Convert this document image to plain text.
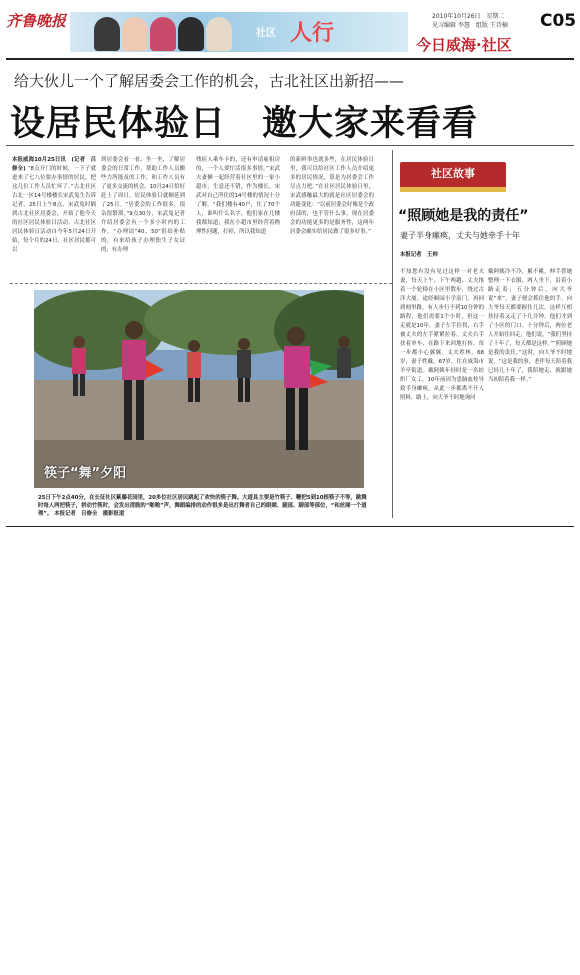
齐鲁晚报
社区 人行
2010年10月26日　星期二
见习编辑 李慧　组版 王诗楠 C05
今日威海·社区
给大伙儿一个了解居委会工作的机会，古北社区出新招——
设居民体验日　邀大家来看看
本报威海10月25日讯　(记者　吕修全) “8点开门的时候，一下子就进来了七八位要办事情的居民，把这几位工作人员忙坏了。”古北社区古北一区14号楼楼长宋武兔生告诉记者，25日上午8点，宋武兔时隔到古北社区居委会，开始了他今天的社区居民体验日活动。古北社区居民体验日活动自今年5月24日开始，每个月的24日，社区居民都可以
到居委会看一看、坐一坐，了解居委会的日常工作，帮助工作人员搬些力所能及的工作，和工作人员有了更多交流的机会。10月24日恰好赶上了周日，居民体验日就顺延到了25日。“居委会的工作很多，很杂很繁琐。”9点30分，宋武兔记者介绍居委会有一个多小时内的工作。“办理请”40、50”很给补贴的，有来给孩子办理独生子女证的，有办理
残疾人乘车卡的，还有申请雇租房的，一个人要忙活很多事情。”宋武夫妻俩一起经营着社区里的一家小超市，生意还不错，作为楼长，宋武对自己所住的14号楼的情况十分了解。“我们楼有40户，住了70个人，谁叫什么名字，他们家在几楼我都知道，我在小超市里经营着物理性问题，打掉，所以我知道
的新鲜事也就多些，在居民体验日里，我可以给社区工作人员介绍更多的居民情况，算是为居委会工作尽点力吧。”在社区居民体验日里，宋武感触最大的就是社区居委会的功能变化：“以前居委会好像是个政府部的，也不管什么事，现在居委会的功能更多的是服务性，这两年居委会确实给居民做了很多好事。”
社区故事
“照顾她是我的责任”
妻子半身瘫痪，丈夫与她牵手十年
本报记者　王帅
不知您有没有见过这样一对老夫妻，每天上午、下午两趟，丈夫推着一个轮椅在小区里散步，绕过古洋大厦。途经顺园小学南门，再回到刻里路。有人步行不到10分钟的路程，他们需要1个小时，但这一走就是10年。妻子左手拄拐，右手被丈夫的左手紧紧拉着，丈夫右手扶着单车，在路下来回地打转，每一步都小心翼翼。丈夫姓林，68岁，妻子姓戴，67岁，住在威海市羊亭街道。戴阿姨年轻时是一名纺织厂女工，10年前因为患脑血栓导致半身瘫痪，从此一步都离不开人照料。路上，向大爷不时地询问
戴阿姨冷不冷，累不累，伸手替她整理一下衣服。两人坐下，沿着小路走着，五分钟后，向大爷说“来”，妻子便会抓住他的手。向大爷每天都要握住几次，这样互相扶持着又走了十几分钟，他们才到了小区的门口。十分钟后，两位老人开始往回走，他们说，“我们坚持了十年了，每天都是这样。”“照顾她是我的责任，”这时，向大爷不时地说，“这是我的事，老伴每天陪着我已经几十年了，我陪她走，就跟她当初陪着我一样。”
筷子“舞”夕阳
25日下午2点40分，在长征社区紫藤花园里，20多位社区居民跳起了欢快的筷子舞。大道具主要是竹筷子、鞭把5到10根筷子不等，跳舞时每人两把筷子，拼动竹筷时，会发出清脆的“啪啪”声，舞蹈编排的动作很多是出打舞者自己的眼睛、腿部、脚部等部位，“和丝厢一个道理”。 本报记者　吕修全　摄影报道
